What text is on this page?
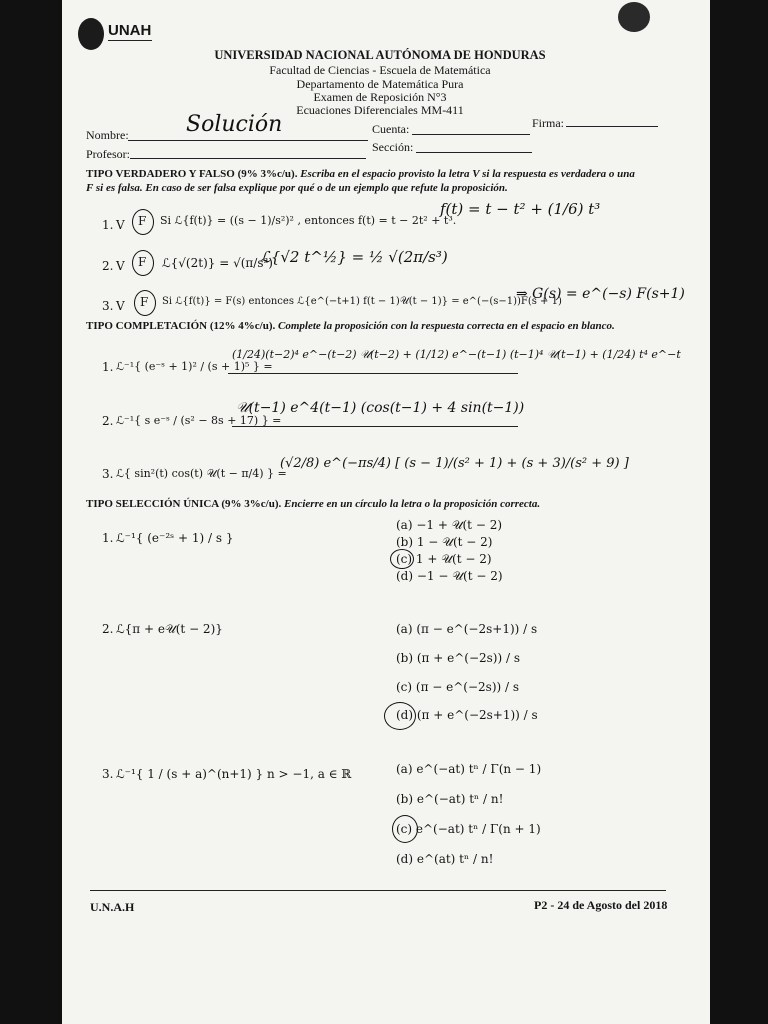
UNAH
UNIVERSIDAD NACIONAL AUTÓNOMA DE HONDURAS
Facultad de Ciencias - Escuela de Matemática
Departamento de Matemática Pura
Examen de Reposición N°3
Ecuaciones Diferenciales MM-411
Nombre:	Solución	Cuenta:	Firma:
Profesor:	Sección:
TIPO VERDADERO Y FALSO (9% 3%c/u). Escriba en el espacio provisto la letra V si la respuesta es verdadera o una
F si es falsa. En caso de ser falsa explique por qué o de un ejemplo que refute la proposición.
1. V F Si ℒ{f(t)} = ((s − 1)/s²)² , entonces f(t) = t − 2t² + t³.
f(t) = t − t² + (1/6) t³
2. V F ℒ{√(2t)} = √(π/s³)
ℒ{√2 t^½} = ½ √(2π/s³)
3. V F Si ℒ{f(t)} = F(s) entonces ℒ{e^(−t+1) f(t − 1)𝒰(t − 1)} = e^(−(s−1))F(s + 1)
⇒ G(s) = e^(−s) F(s+1)
TIPO COMPLETACIÓN (12% 4%c/u). Complete la proposición con la respuesta correcta en el espacio en blanco.
1. ℒ⁻¹{ (e⁻ˢ + 1)² / (s + 1)⁵ } =
(1/24)(t−2)⁴ e^−(t−2) 𝒰(t−2) + (1/12) e^−(t−1) (t−1)⁴ 𝒰(t−1) + (1/24) t⁴ e^−t
2. ℒ⁻¹{ s e⁻ˢ / (s² − 8s + 17) } =
𝒰(t−1) e^4(t−1) (cos(t−1) + 4 sin(t−1))
3. ℒ{ sin²(t) cos(t) 𝒰(t − π/4) } =
(√2/8) e^(−πs/4) [ (s − 1)/(s² + 1) + (s + 3)/(s² + 9) ]
TIPO SELECCIÓN ÚNICA (9% 3%c/u). Encierre en un círculo la letra o la proposición correcta.
1. ℒ⁻¹{ (e⁻²ˢ + 1) / s }
(a) −1 + 𝒰(t − 2)
(b) 1 − 𝒰(t − 2)
(c) 1 + 𝒰(t − 2)
(d) −1 − 𝒰(t − 2)
2. ℒ{π + e𝒰(t − 2)}	(a) (π − e^(−2s+1)) / s
(b) (π + e^(−2s)) / s
(c) (π − e^(−2s)) / s
(d) (π + e^(−2s+1)) / s
3. ℒ⁻¹{ 1 / (s + a)^(n+1) } n > −1, a ∈ ℝ	(a) e^(−at) tⁿ / Γ(n − 1)
(b) e^(−at) tⁿ / n!
(c) e^(−at) tⁿ / Γ(n + 1)
(d) e^(at) tⁿ / n!
U.N.A.H	P2 - 24 de Agosto del 2018
